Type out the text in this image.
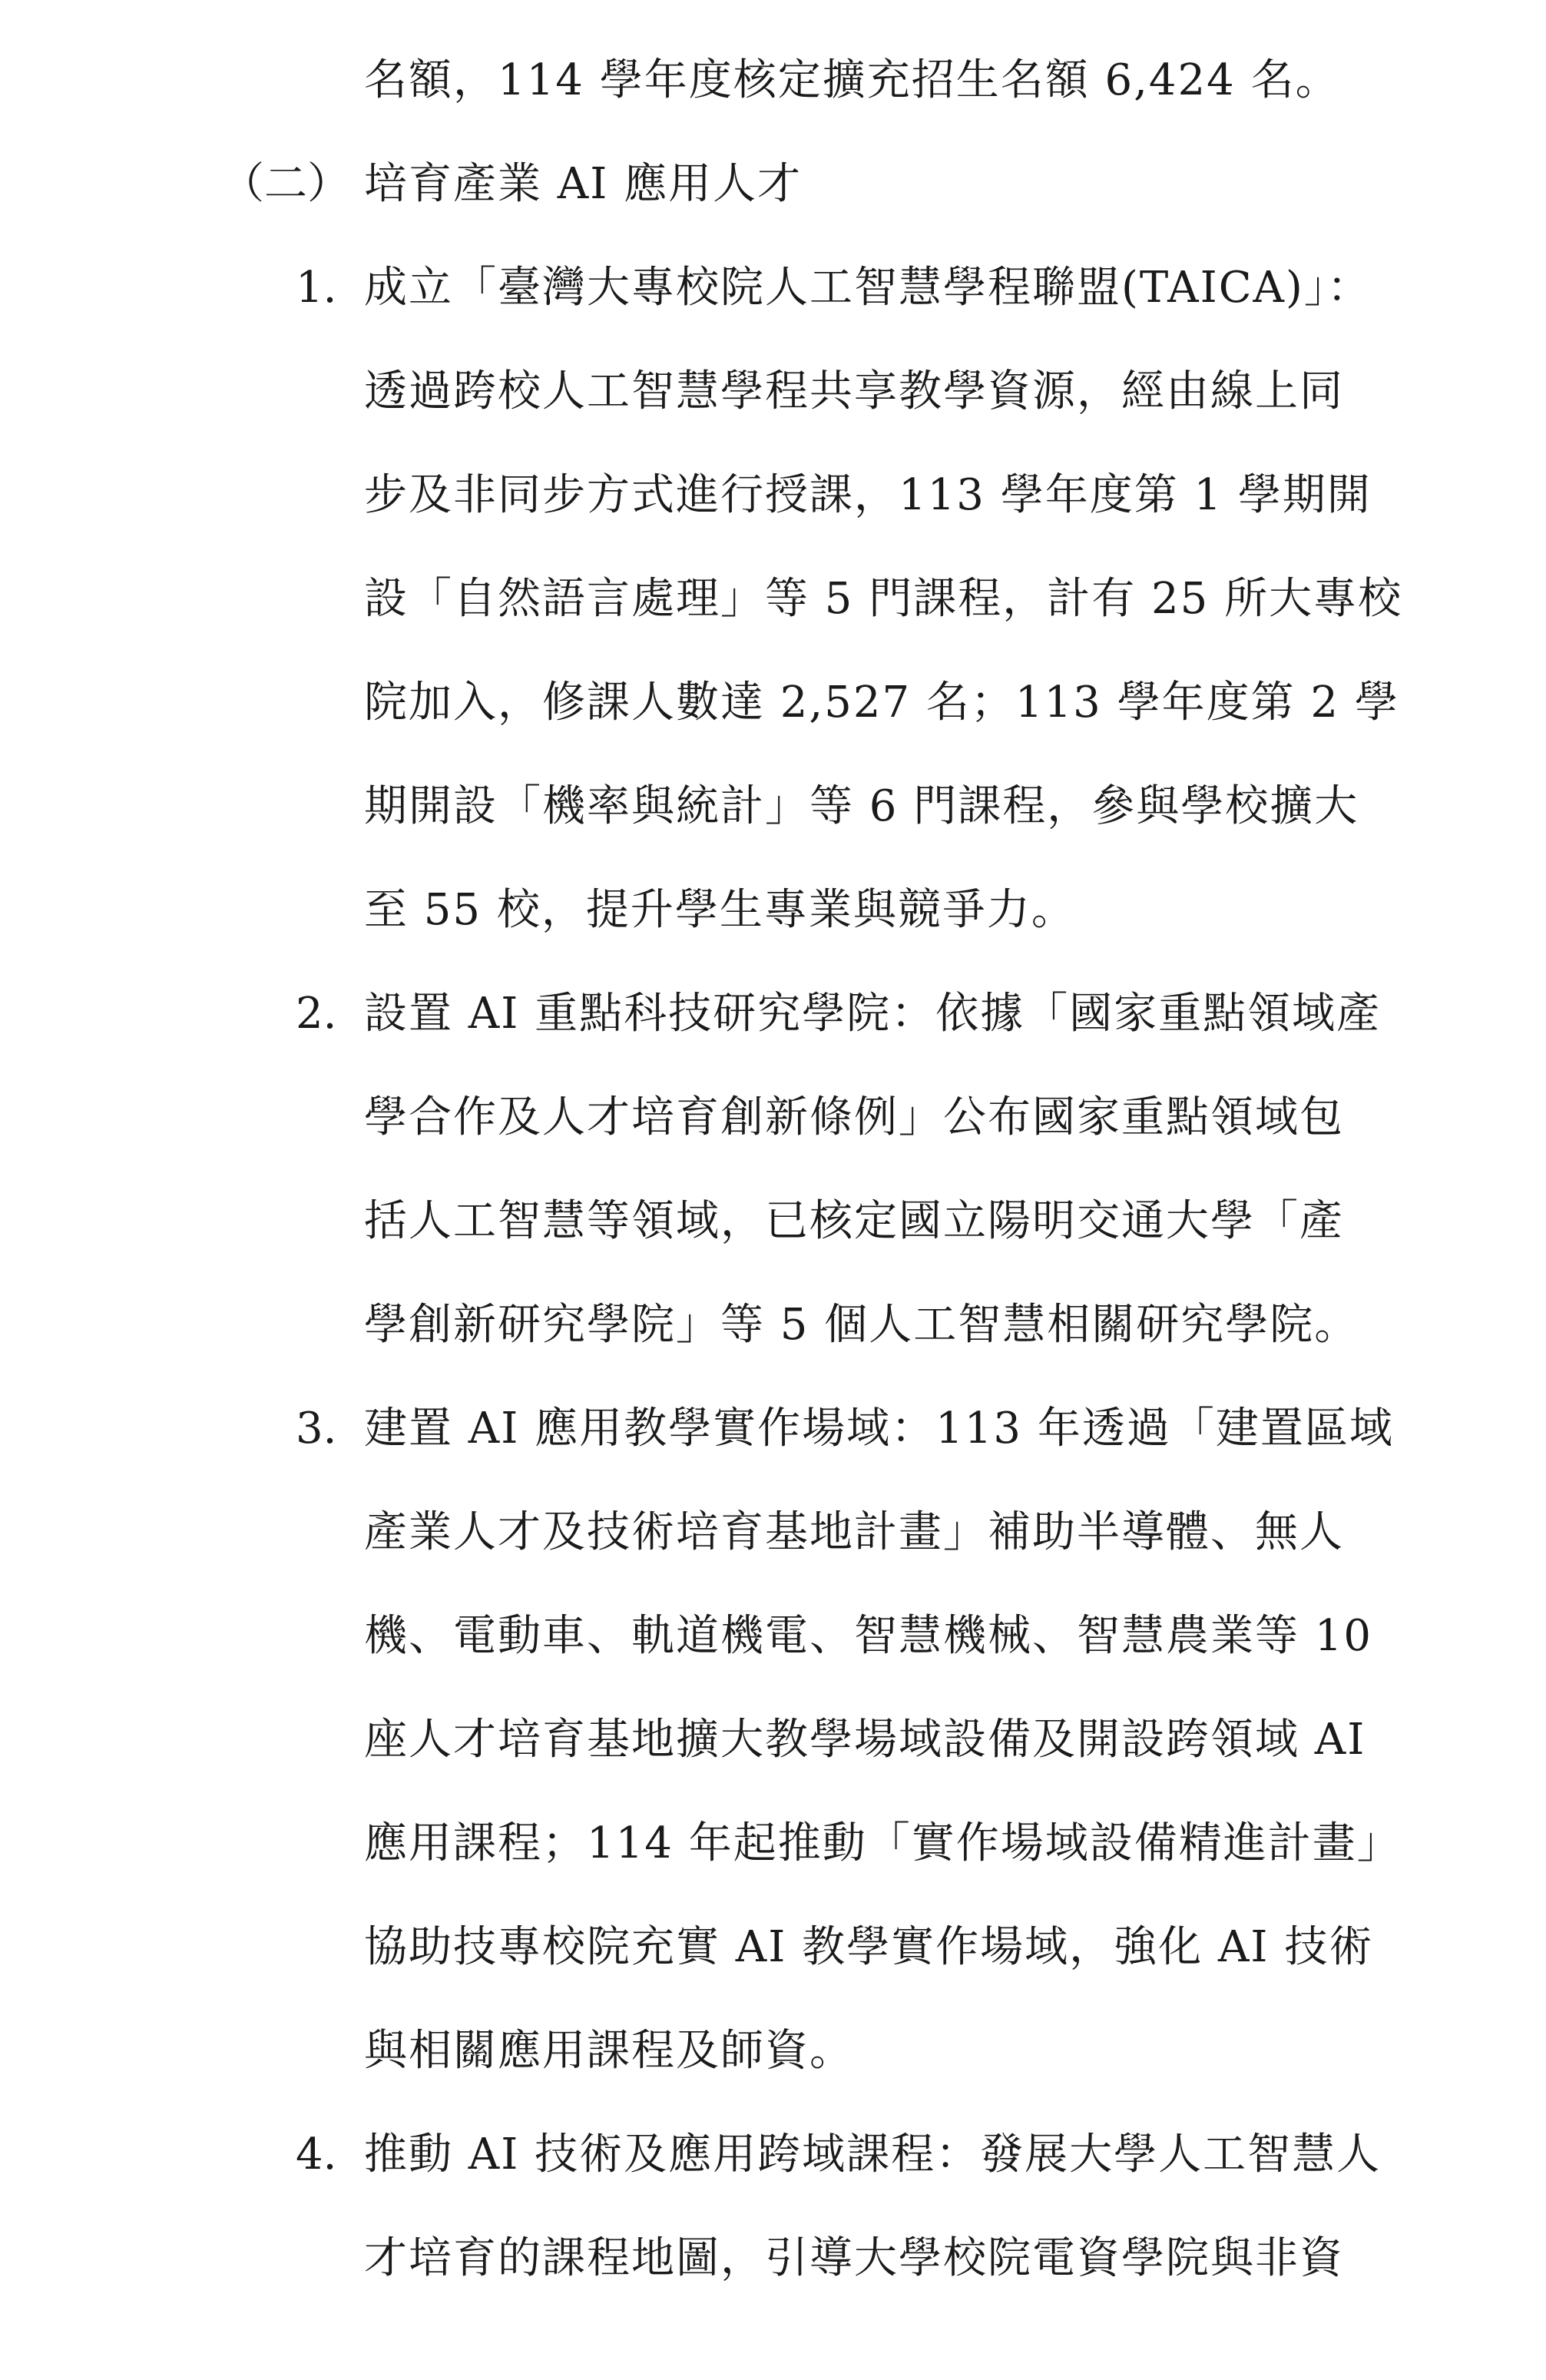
名額，114 學年度核定擴充招生名額 6,424 名。
（二） 培育產業 AI 應用人才
1. 成立「臺灣大專校院人工智慧學程聯盟(TAICA)」：
透過跨校人工智慧學程共享教學資源，經由線上同
步及非同步方式進行授課，113 學年度第 1 學期開
設「自然語言處理」等 5 門課程，計有 25 所大專校
院加入，修課人數達 2,527 名；113 學年度第 2 學
期開設「機率與統計」等 6 門課程，參與學校擴大
至 55 校，提升學生專業與競爭力。
2. 設置 AI 重點科技研究學院：依據「國家重點領域產
學合作及人才培育創新條例」公布國家重點領域包
括人工智慧等領域，已核定國立陽明交通大學「產
學創新研究學院」等 5 個人工智慧相關研究學院。
3. 建置 AI 應用教學實作場域：113 年透過「建置區域
產業人才及技術培育基地計畫」補助半導體、無人
機、電動車、軌道機電、智慧機械、智慧農業等 10
座人才培育基地擴大教學場域設備及開設跨領域 AI
應用課程；114 年起推動「實作場域設備精進計畫」
協助技專校院充實 AI 教學實作場域，強化 AI 技術
與相關應用課程及師資。
4. 推動 AI 技術及應用跨域課程：發展大學人工智慧人
才培育的課程地圖，引導大學校院電資學院與非資
